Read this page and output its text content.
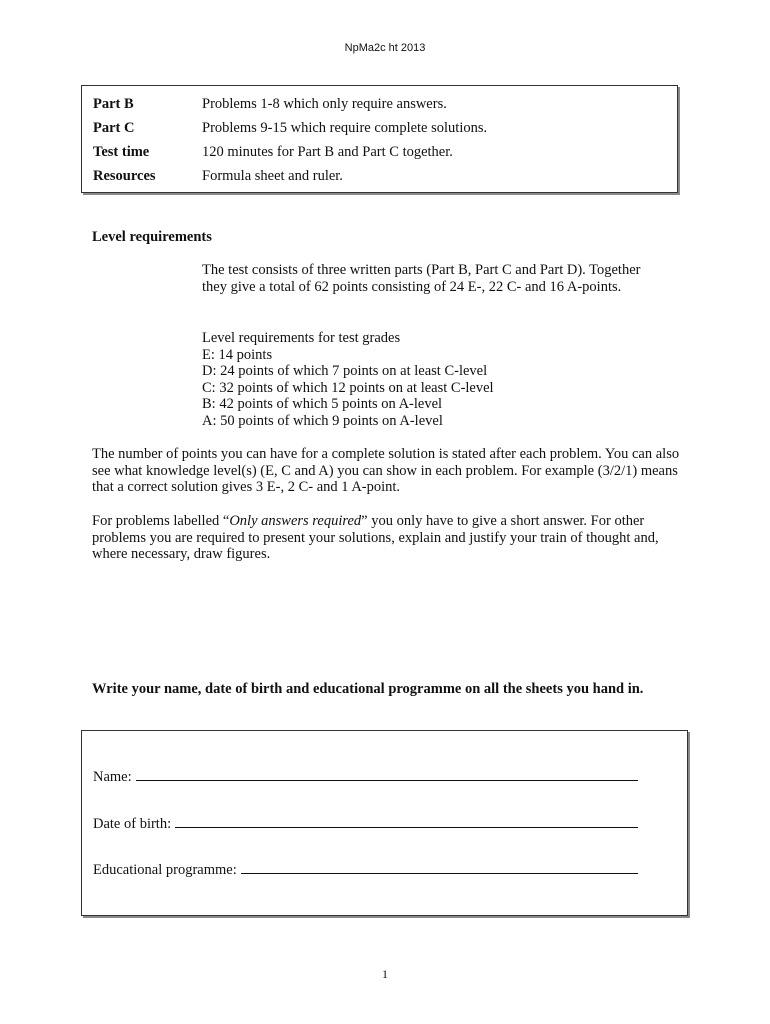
NpMa2c ht 2013
Part B	Problems 1-8 which only require answers.
Part C	Problems 9-15 which require complete solutions.
Test time	120 minutes for Part B and Part C together.
Resources	Formula sheet and ruler.
Level requirements
The test consists of three written parts (Part B, Part C and Part D). Together they give a total of 62 points consisting of 24 E-, 22 C- and 16 A-points.
Level requirements for test grades
E: 14 points
D: 24 points of which 7 points on at least C-level
C: 32 points of which 12 points on at least C-level
B: 42 points of which 5 points on A-level
A: 50 points of which 9 points on A-level
The number of points you can have for a complete solution is stated after each problem. You can also see what knowledge level(s) (E, C and A) you can show in each problem. For example (3/2/1) means that a correct solution gives 3 E-, 2 C- and 1 A-point.
For problems labelled “Only answers required” you only have to give a short answer. For other problems you are required to present your solutions, explain and justify your train of thought and, where necessary, draw figures.
Write your name, date of birth and educational programme on all the sheets you hand in.
Name:
Date of birth:
Educational programme:
1
